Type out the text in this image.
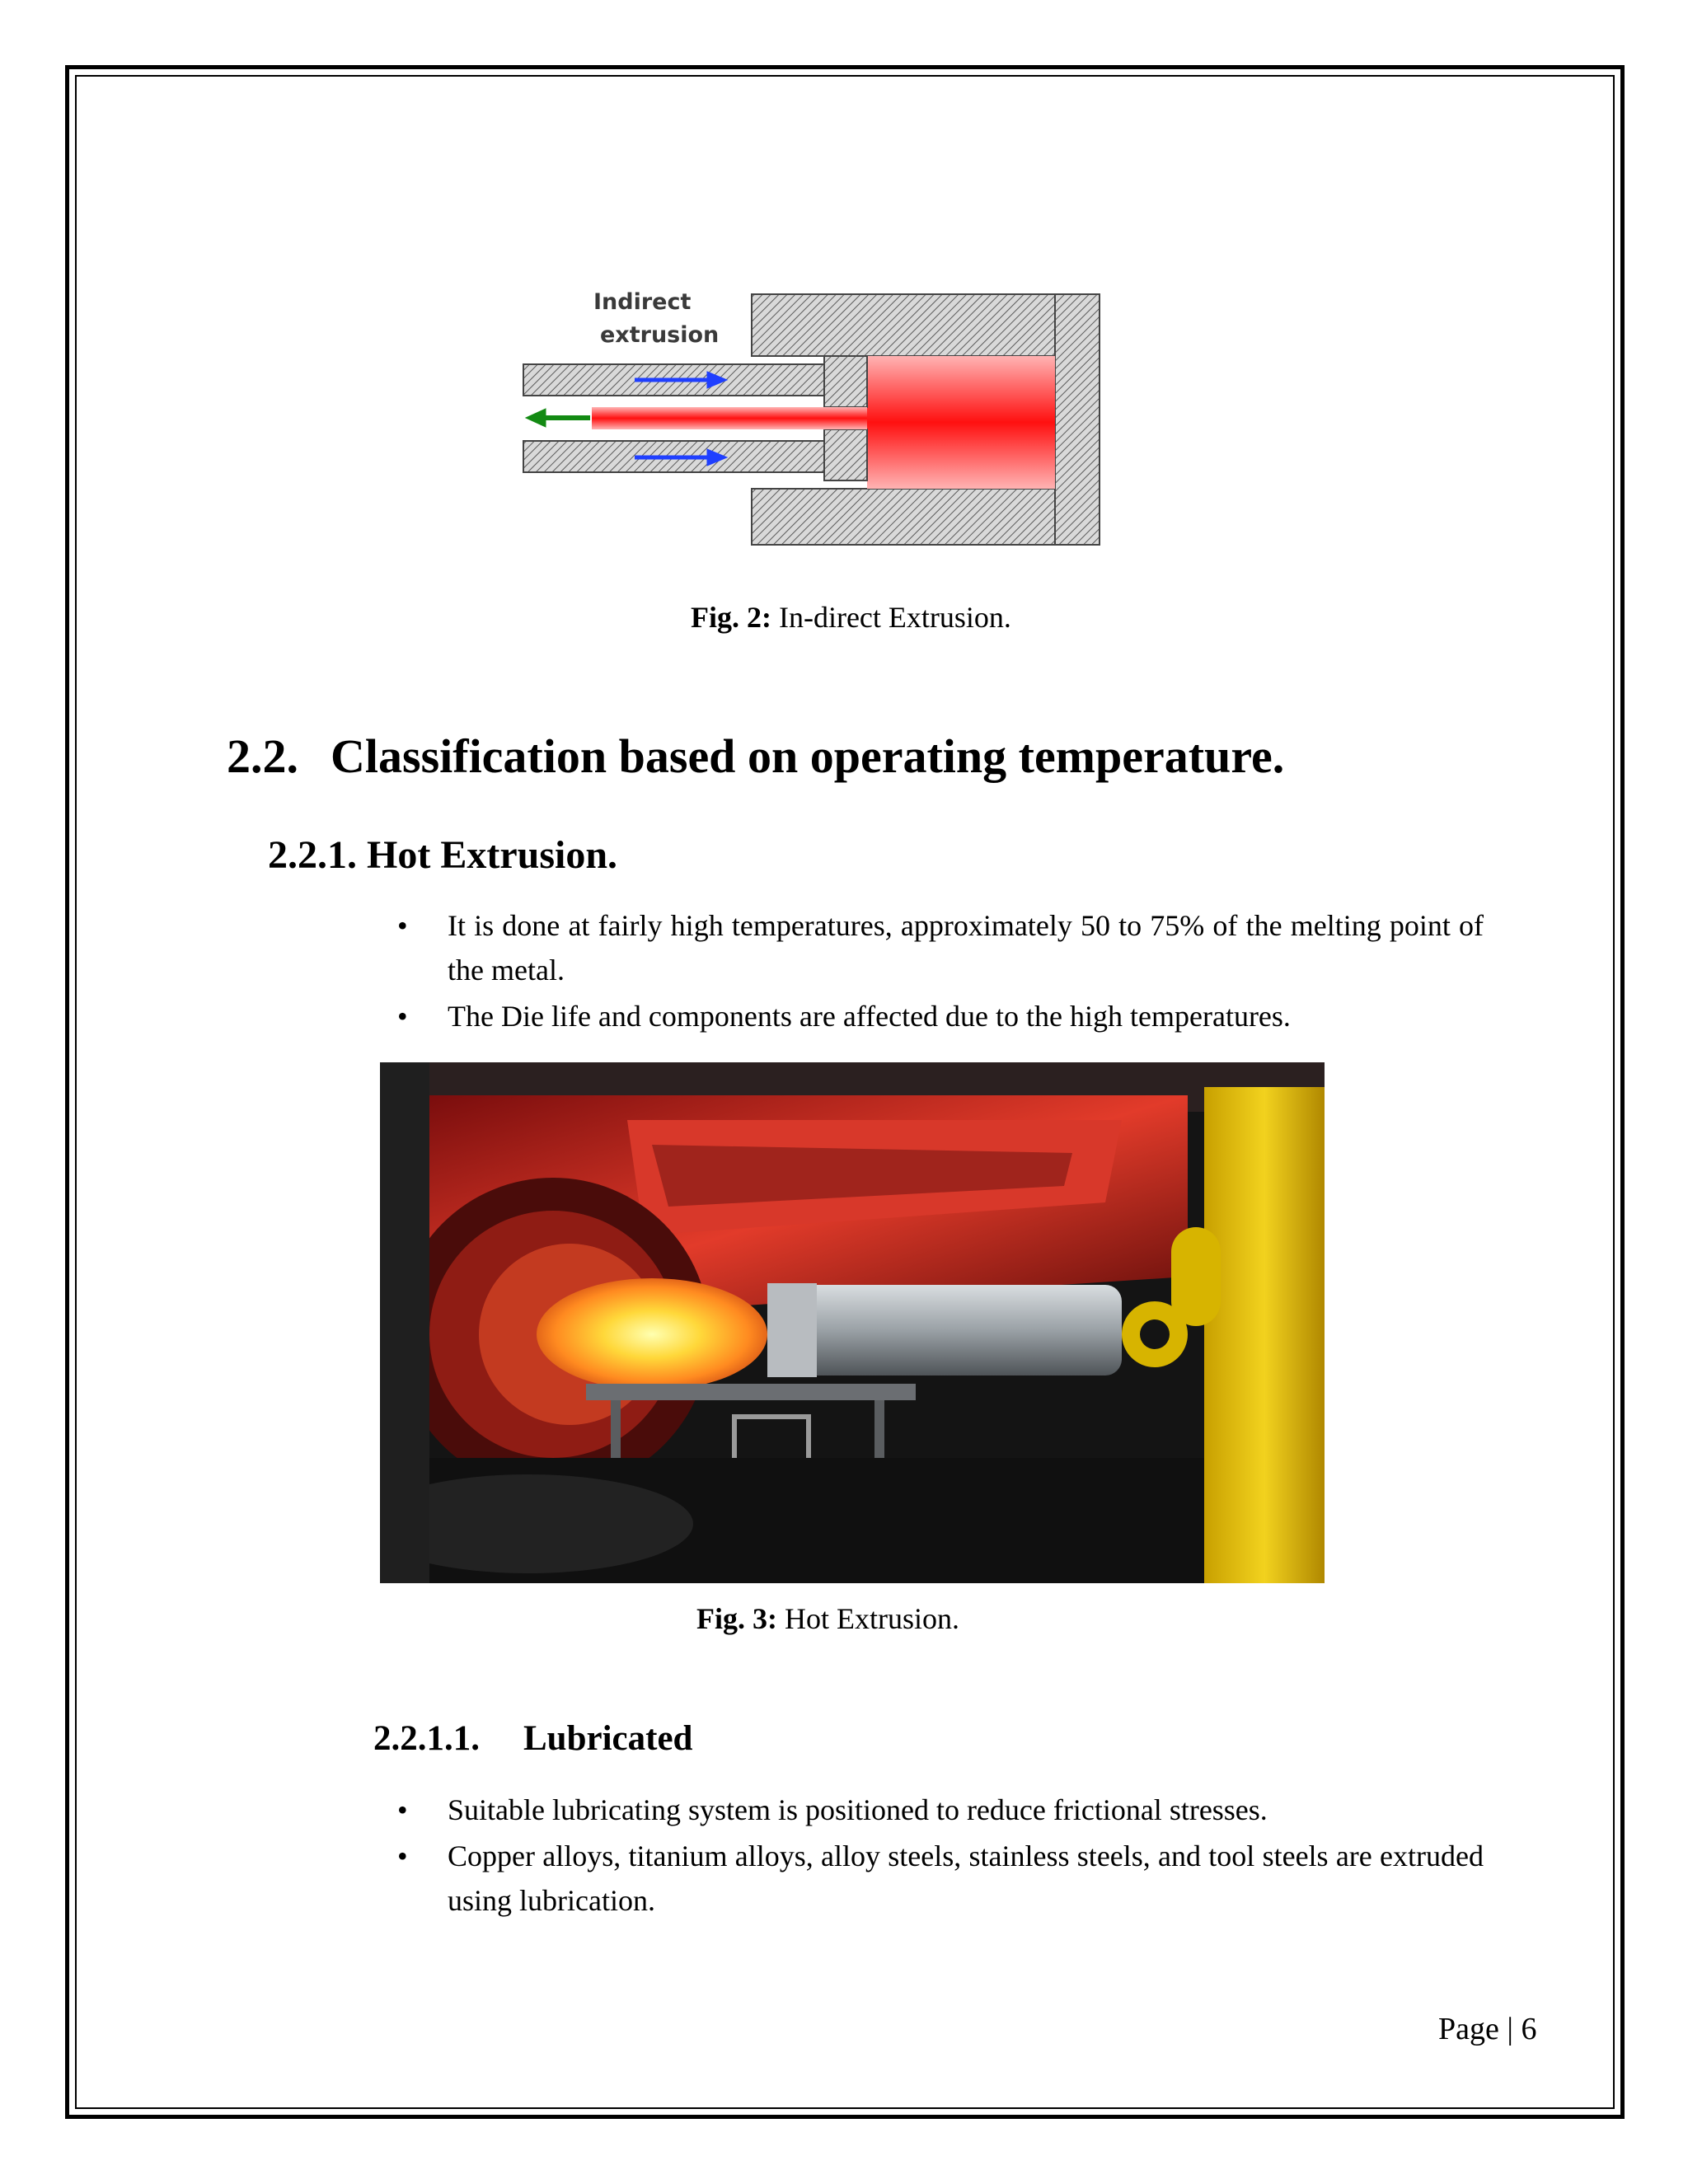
Indirect
extrusion
Fig. 2: In-direct Extrusion.
2.2. Classification based on operating temperature.
2.2.1. Hot Extrusion.
• It is done at fairly high temperatures, approximately 50 to 75% of the melting point of the metal.
• The Die life and components are affected due to the high temperatures.
Fig. 3: Hot Extrusion.
2.2.1.1. Lubricated
• Suitable lubricating system is positioned to reduce frictional stresses.
• Copper alloys, titanium alloys, alloy steels, stainless steels, and tool steels are extruded using lubrication.
Page | 6
